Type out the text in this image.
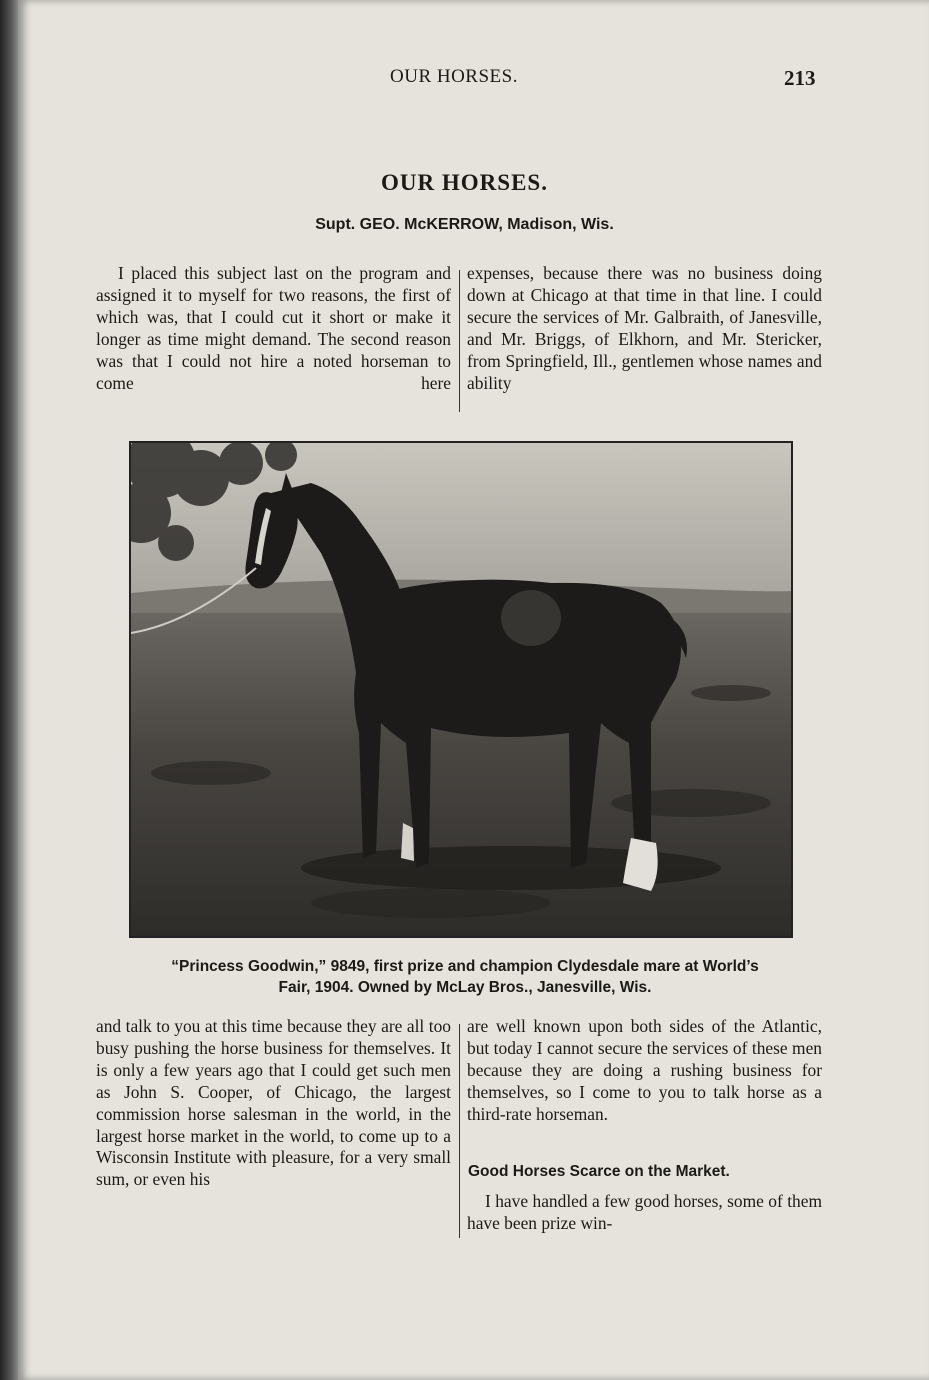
OUR HORSES.	213
OUR HORSES.
Supt. GEO. McKERROW, Madison, Wis.
I placed this subject last on the program and assigned it to myself for two reasons, the first of which was, that I could cut it short or make it longer as time might demand. The second reason was that I could not hire a noted horseman to come here
expenses, because there was no business doing down at Chicago at that time in that line. I could secure the services of Mr. Galbraith, of Janesville, and Mr. Briggs, of Elkhorn, and Mr. Stericker, from Springfield, Ill., gentlemen whose names and ability
“Princess Goodwin,” 9849, first prize and champion Clydesdale mare at World’s
Fair, 1904. Owned by McLay Bros., Janesville, Wis.
and talk to you at this time because they are all too busy pushing the horse business for themselves. It is only a few years ago that I could get such men as John S. Cooper, of Chicago, the largest commission horse salesman in the world, in the largest horse market in the world, to come up to a Wisconsin Institute with pleasure, for a very small sum, or even his
are well known upon both sides of the Atlantic, but today I cannot secure the services of these men because they are doing a rushing business for themselves, so I come to you to talk horse as a third-rate horseman.
Good Horses Scarce on the Market.
I have handled a few good horses, some of them have been prize win-
